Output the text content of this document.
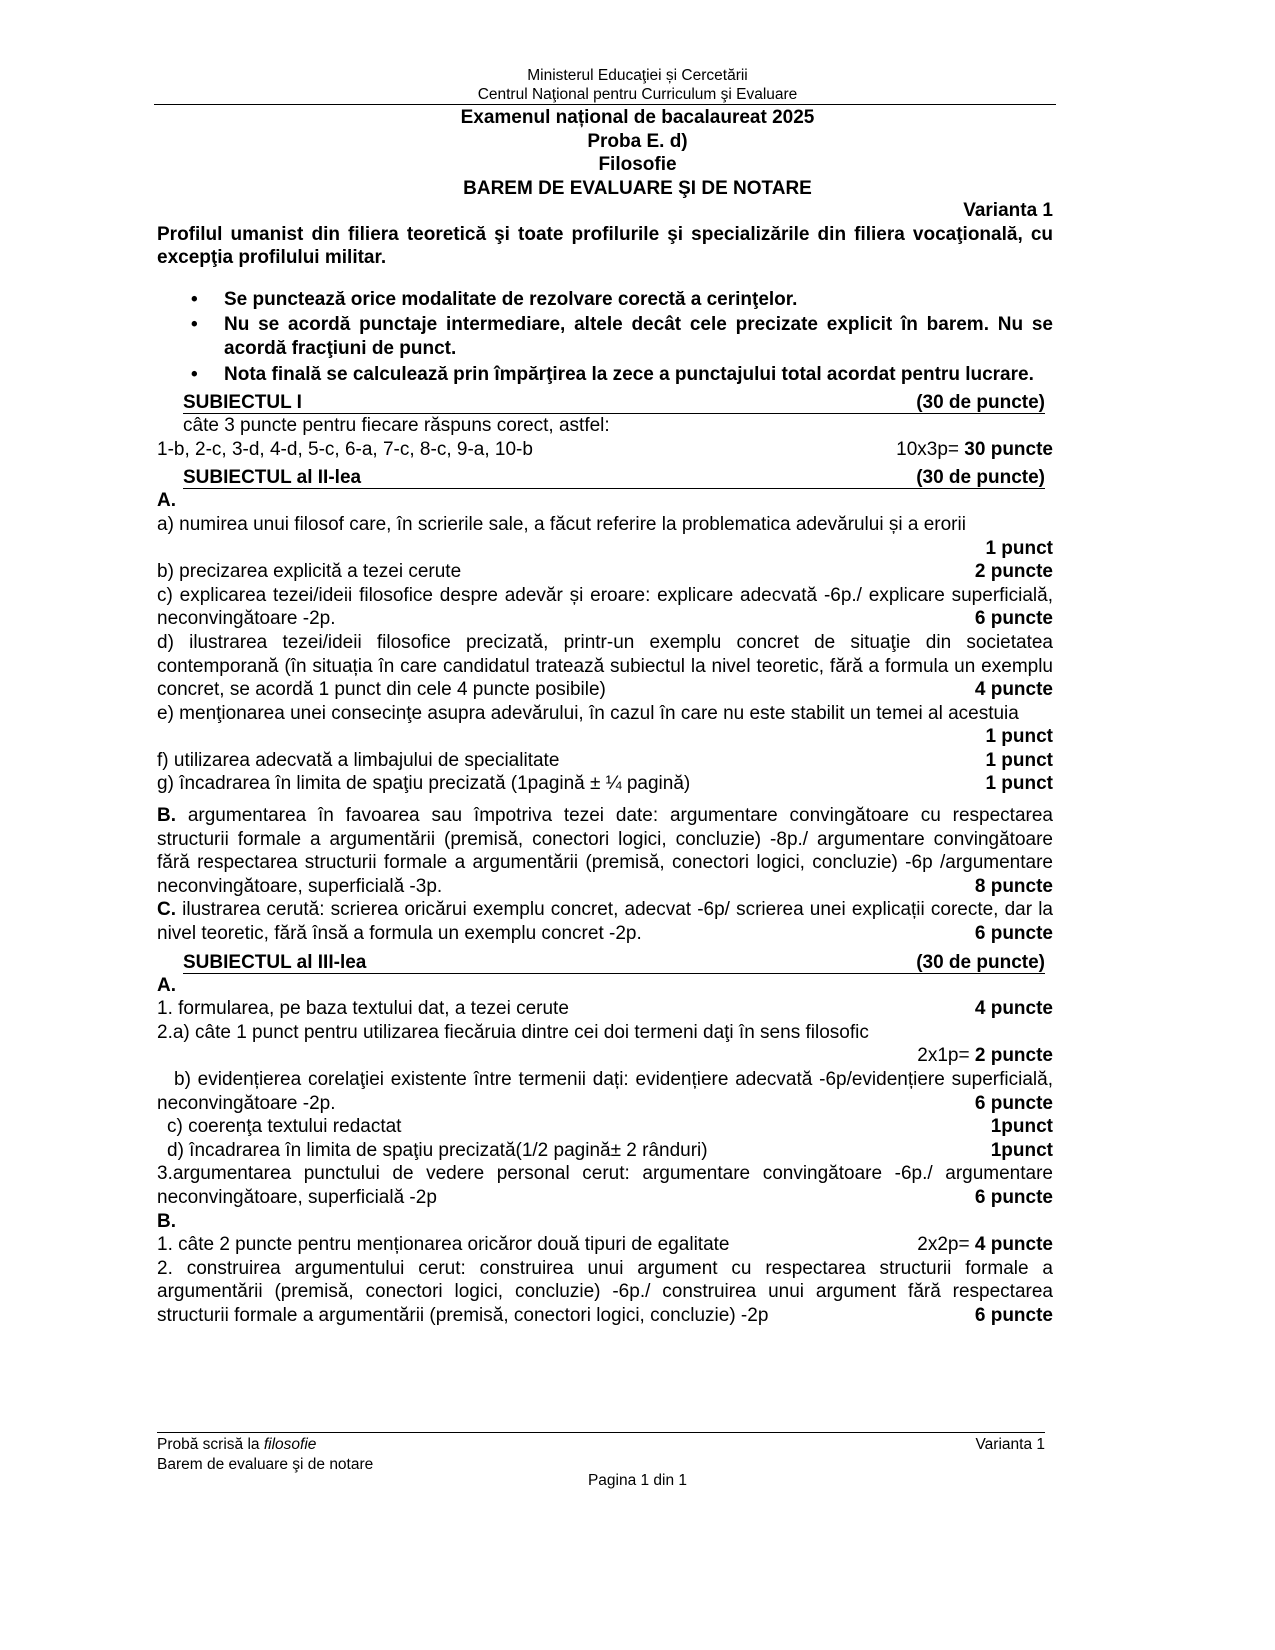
Ministerul Educaţiei și Cercetării
Centrul Naţional pentru Curriculum şi Evaluare
Examenul național de bacalaureat 2025
Proba E. d)
Filosofie
BAREM DE EVALUARE ŞI DE NOTARE
Varianta 1
Profilul umanist din filiera teoretică şi toate profilurile şi specializările din filiera vocaţională, cu excepţia profilului militar.
• Se punctează orice modalitate de rezolvare corectă a cerinţelor.
• Nu se acordă punctaje intermediare, altele decât cele precizate explicit în barem. Nu se acordă fracţiuni de punct.
• Nota finală se calculează prin împărţirea la zece a punctajului total acordat pentru lucrare.
SUBIECTUL I	(30 de puncte)
câte 3 puncte pentru fiecare răspuns corect, astfel:
1-b, 2-c, 3-d, 4-d, 5-c, 6-a, 7-c, 8-c, 9-a, 10-b	10x3p= 30 puncte
SUBIECTUL al II-lea	(30 de puncte)
A.
a) numirea unui filosof care, în scrierile sale, a făcut referire la problematica adevărului și a erorii
1 punct
b) precizarea explicită a tezei cerute	2 puncte
c) explicarea tezei/ideii filosofice despre adevăr și eroare: explicare adecvată -6p./ explicare superficială, neconvingătoare -2p.	6 puncte
d) ilustrarea tezei/ideii filosofice precizată, printr-un exemplu concret de situaţie din societatea contemporană (în situația în care candidatul tratează subiectul la nivel teoretic, fără a formula un exemplu concret, se acordă 1 punct din cele 4 puncte posibile)	4 puncte
e) menţionarea unei consecinţe asupra adevărului, în cazul în care nu este stabilit un temei al acestuia
1 punct
f) utilizarea adecvată a limbajului de specialitate	1 punct
g) încadrarea în limita de spaţiu precizată (1pagină ± ¼ pagină)	1 punct
B. argumentarea în favoarea sau împotriva tezei date: argumentare convingătoare cu respectarea structurii formale a argumentării (premisă, conectori logici, concluzie) -8p./ argumentare convingătoare fără respectarea structurii formale a argumentării (premisă, conectori logici, concluzie) -6p /argumentare neconvingătoare, superficială -3p.	8 puncte
C. ilustrarea cerută: scrierea oricărui exemplu concret, adecvat -6p/ scrierea unei explicații corecte, dar la nivel teoretic, fără însă a formula un exemplu concret -2p.	6 puncte
SUBIECTUL al III-lea	(30 de puncte)
A.
1. formularea, pe baza textului dat, a tezei cerute	4 puncte
2.a) câte 1 punct pentru utilizarea fiecăruia dintre cei doi termeni daţi în sens filosofic
2x1p= 2 puncte
b) evidențierea corelaţiei existente între termenii dați: evidențiere adecvată -6p/evidențiere superficială, neconvingătoare -2p.	6 puncte
c) coerenţa textului redactat	1punct
d) încadrarea în limita de spaţiu precizată(1/2 pagină± 2 rânduri)	1punct
3.argumentarea punctului de vedere personal cerut: argumentare convingătoare -6p./ argumentare neconvingătoare, superficială -2p	6 puncte
B.
1. câte 2 puncte pentru menționarea oricăror două tipuri de egalitate	2x2p= 4 puncte
2. construirea argumentului cerut: construirea unui argument cu respectarea structurii formale a argumentării (premisă, conectori logici, concluzie) -6p./ construirea unui argument fără respectarea structurii formale a argumentării (premisă, conectori logici, concluzie) -2p	6 puncte
Probă scrisă la filosofie	Varianta 1
Barem de evaluare şi de notare
Pagina 1 din 1
